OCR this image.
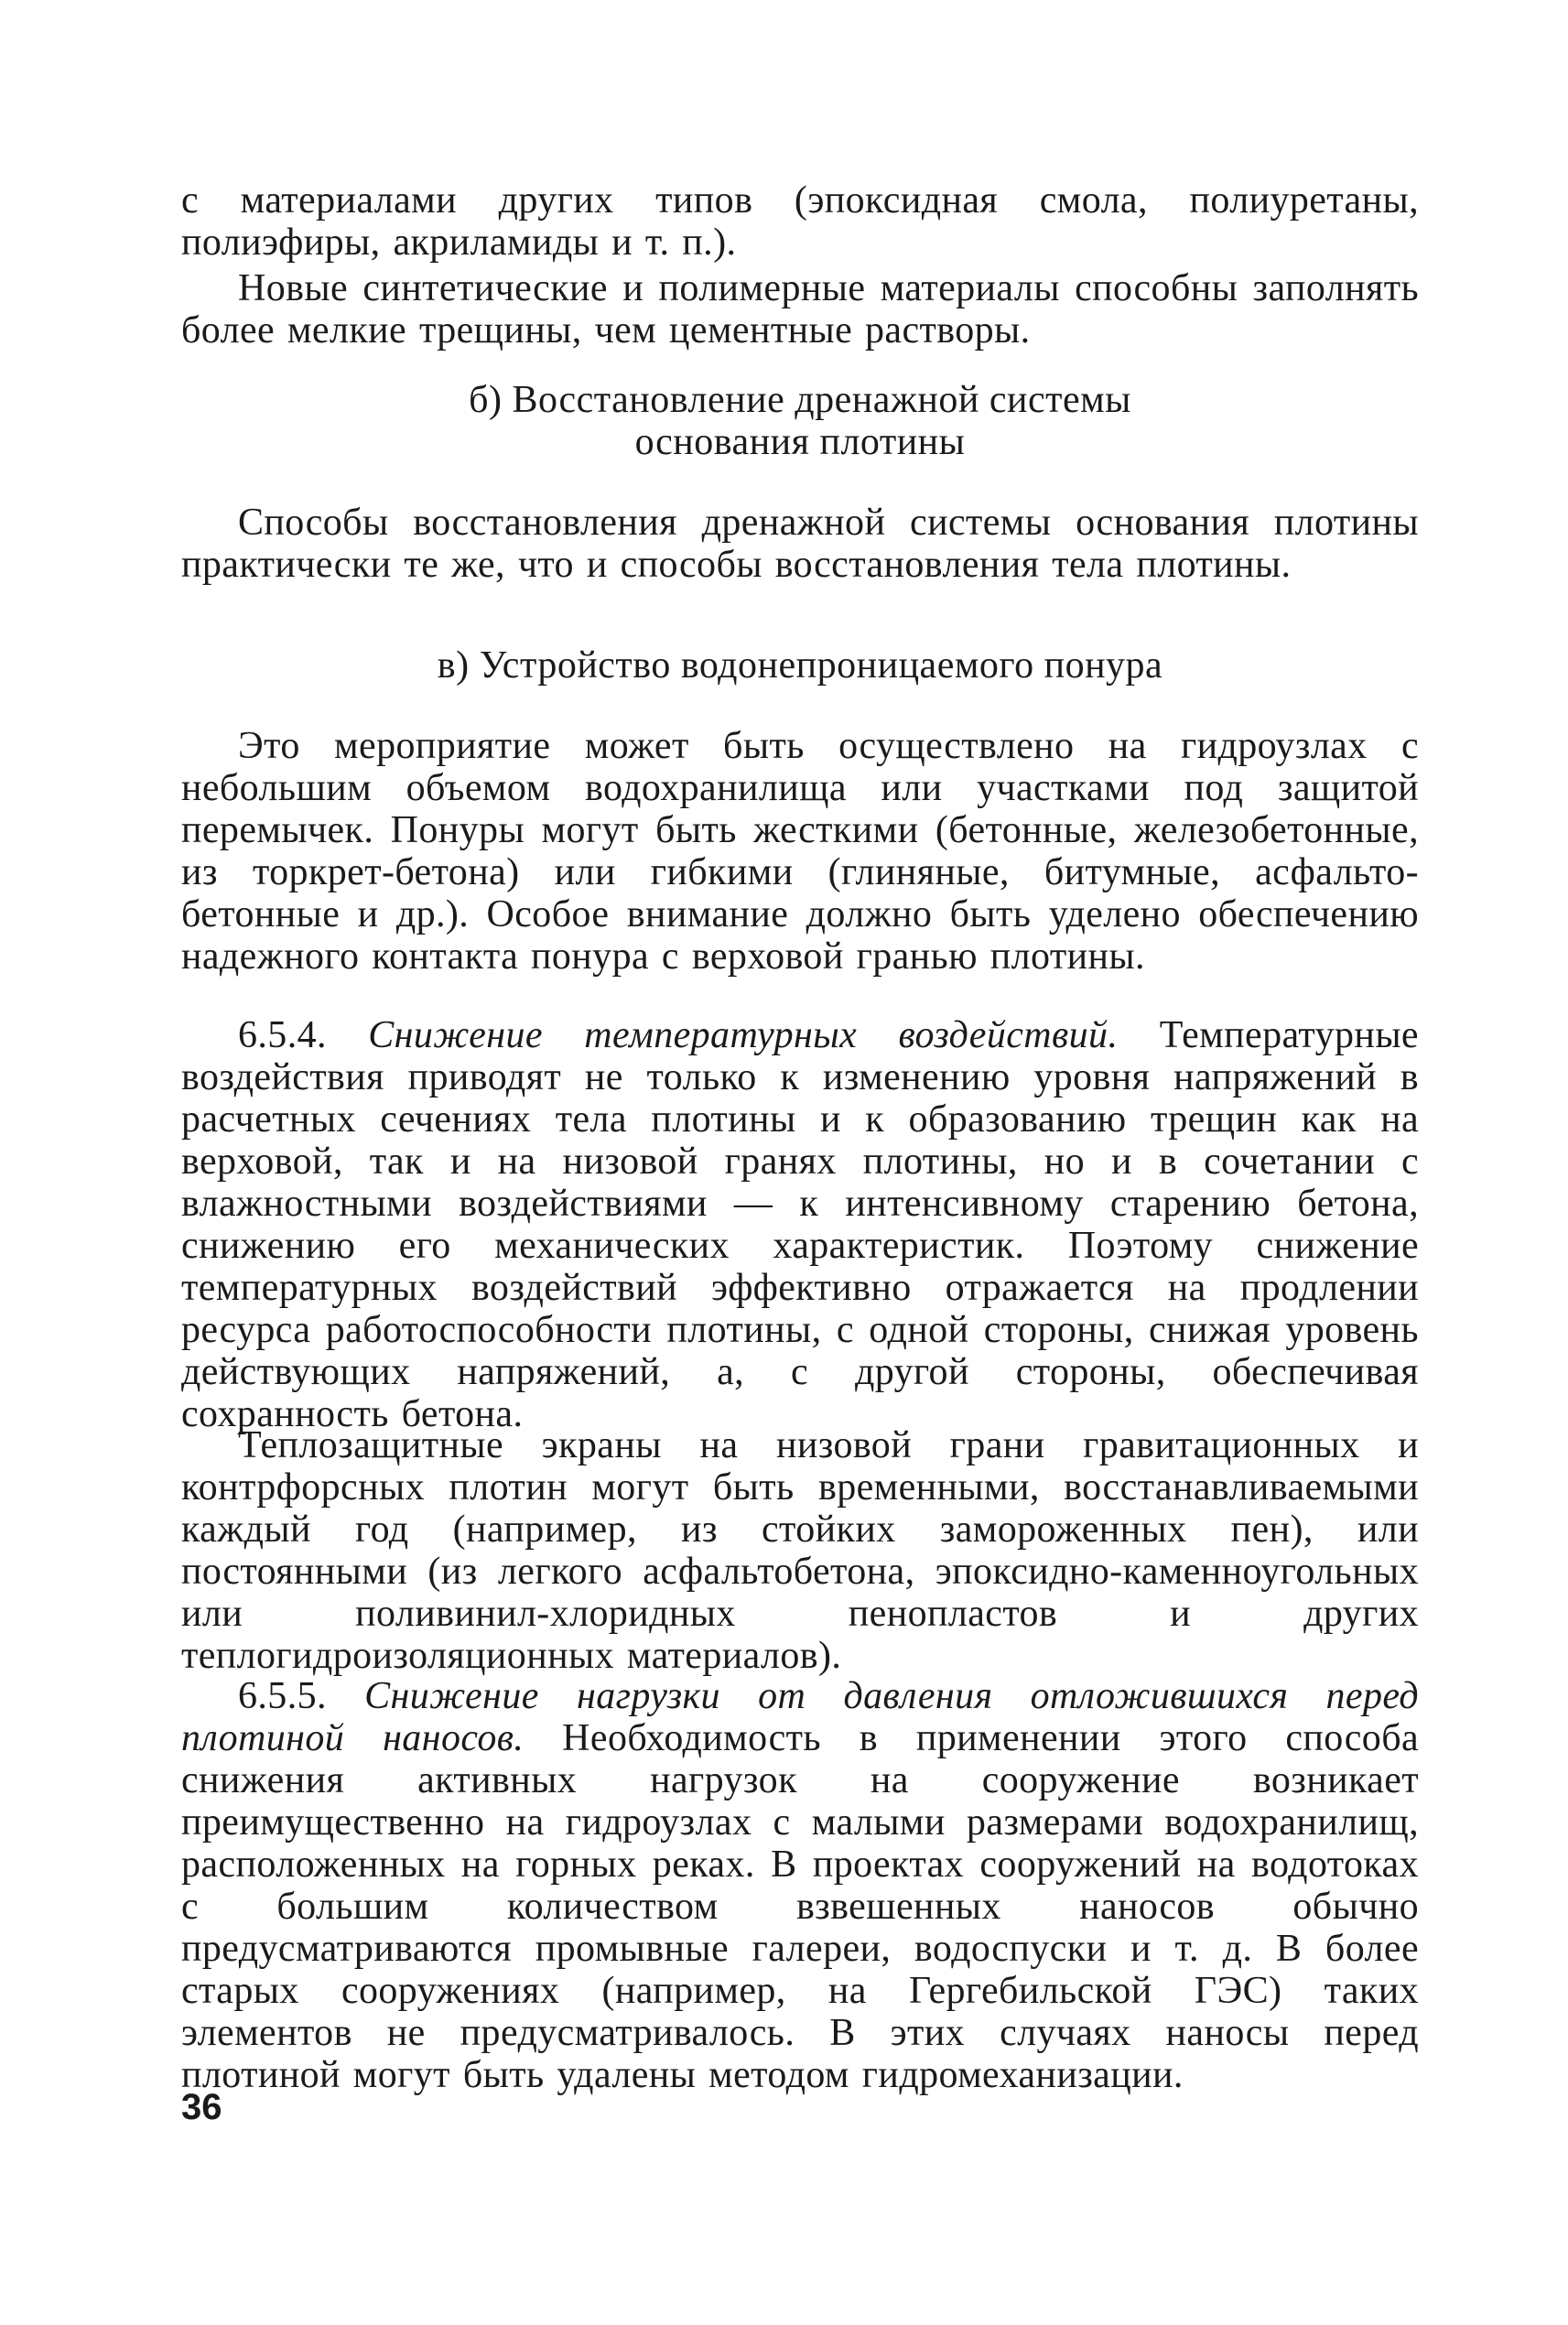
с материалами других типов (эпоксидная смола, полиуретаны, полиэфиры, акриламиды и т. п.).
Новые синтетические и полимерные материалы способны заполнять более мелкие трещины, чем цементные растворы.
б) Восстановление дренажной системы
основания плотины
Способы восстановления дренажной системы основания плотины практически те же, что и способы восстановления тела плотины.
в) Устройство водонепроницаемого понура
Это мероприятие может быть осуществлено на гидроузлах с небольшим объемом водохранилища или участками под защитой перемычек. Понуры могут быть жесткими (бетонные, железобетонные, из торкрет-бетона) или гибкими (глиняные, битумные, асфальто-бетонные и др.). Особое внимание должно быть уделено обеспечению надежного контакта понура с верховой гранью плотины.
6.5.4. Снижение температурных воздействий. Температурные воздействия приводят не только к изменению уровня напряжений в расчетных сечениях тела плотины и к образованию трещин как на верховой, так и на низовой гранях плотины, но и в сочетании с влажностными воздействиями — к интенсивному старению бетона, снижению его механических характеристик. Поэтому снижение температурных воздействий эффективно отражается на продлении ресурса работоспособности плотины, с одной стороны, снижая уровень действующих напряжений, а, с другой стороны, обеспечивая сохранность бетона.
Теплозащитные экраны на низовой грани гравитационных и контрфорсных плотин могут быть временными, восстанавливаемыми каждый год (например, из стойких замороженных пен), или постоянными (из легкого асфальтобетона, эпоксидно-каменноугольных или поливинил-хлоридных пенопластов и других теплогидроизоляционных материалов).
6.5.5. Снижение нагрузки от давления отложившихся перед плотиной наносов. Необходимость в применении этого способа снижения активных нагрузок на сооружение возникает преимущественно на гидроузлах с малыми размерами водохранилищ, расположенных на горных реках. В проектах сооружений на водотоках с большим количеством взвешенных наносов обычно предусматриваются промывные галереи, водоспуски и т. д. В более старых сооружениях (например, на Гергебильской ГЭС) таких элементов не предусматривалось. В этих случаях наносы перед плотиной могут быть удалены методом гидромеханизации.
36
